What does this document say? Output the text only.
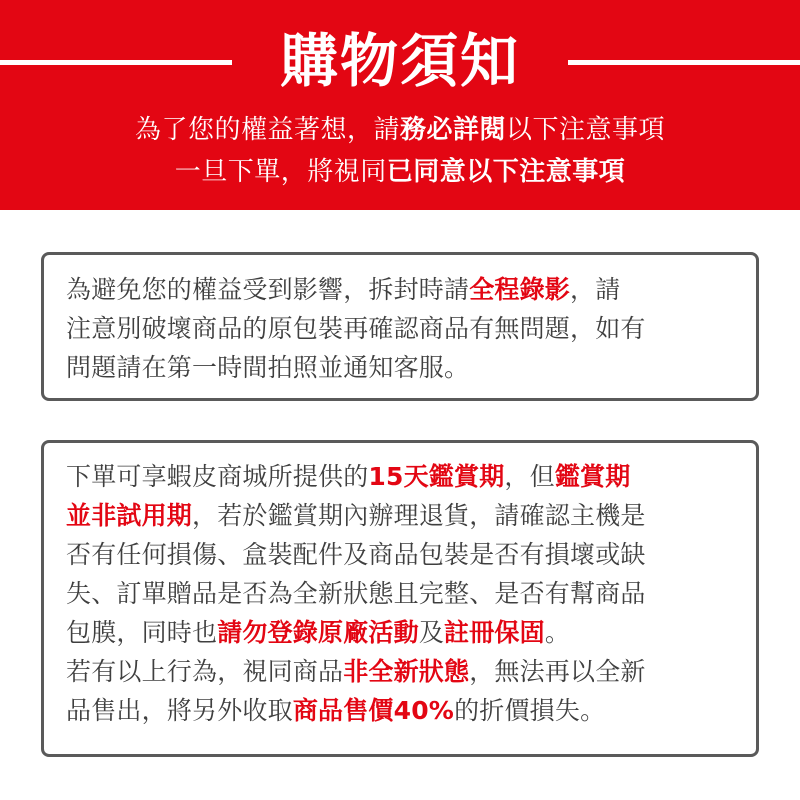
購物須知
為了您的權益著想，請務必詳閱以下注意事項
一旦下單，將視同已同意以下注意事項
為避免您的權益受到影響，拆封時請全程錄影，請
注意別破壞商品的原包裝再確認商品有無問題，如有
問題請在第一時間拍照並通知客服。
下單可享蝦皮商城所提供的15天鑑賞期，但鑑賞期
並非試用期，若於鑑賞期內辦理退貨，請確認主機是
否有任何損傷、盒裝配件及商品包裝是否有損壞或缺
失、訂單贈品是否為全新狀態且完整、是否有幫商品
包膜，同時也請勿登錄原廠活動及註冊保固。
若有以上行為，視同商品非全新狀態，無法再以全新
品售出，將另外收取商品售價40%的折價損失。
